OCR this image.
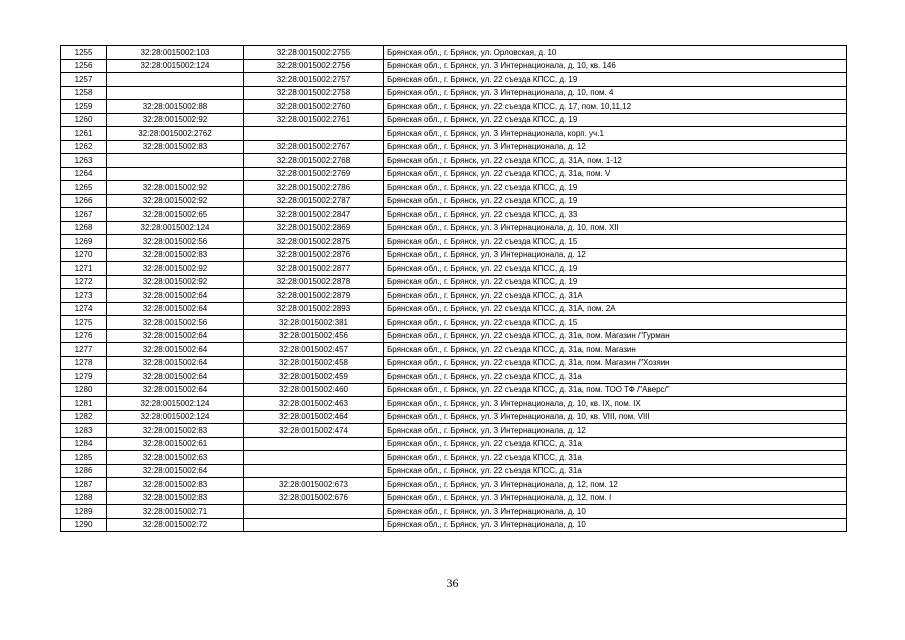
1255	32:28:0015002:103	32:28:0015002:2755	Брянская обл., г. Брянск, ул. Орловская, д. 10
1256	32:28:0015002:124	32:28:0015002:2756	Брянская обл., г. Брянск, ул. 3 Интернационала, д. 10, кв. 146
1257		32:28:0015002:2757	Брянская обл., г. Брянск, ул. 22 съезда КПСС, д. 19
1258		32:28:0015002:2758	Брянская обл., г. Брянск, ул. 3 Интернационала, д. 10, пом. 4
1259	32:28:0015002:88	32:28:0015002:2760	Брянская обл., г. Брянск, ул. 22 съезда КПСС, д. 17, пом. 10,11,12
1260	32:28:0015002:92	32:28:0015002:2761	Брянская обл., г. Брянск, ул. 22 съезда КПСС, д. 19
1261	32:28:0015002:2762		Брянская обл., г. Брянск, ул. 3 Интернационала, корп. уч.1
1262	32:28:0015002:83	32:28:0015002:2767	Брянская обл., г. Брянск, ул. 3 Интернационала, д. 12
1263		32:28:0015002:2768	Брянская обл., г. Брянск, ул. 22 съезда КПСС, д. 31А, пом. 1-12
1264		32:28:0015002:2769	Брянская обл., г. Брянск, ул. 22 съезда КПСС, д. 31а, пом. V
1265	32:28:0015002:92	32:28:0015002:2786	Брянская обл., г. Брянск, ул. 22 съезда КПСС, д. 19
1266	32:28:0015002:92	32:28:0015002:2787	Брянская обл., г. Брянск, ул. 22 съезда КПСС, д. 19
1267	32:28:0015002:65	32:28:0015002:2847	Брянская обл., г. Брянск, ул. 22 съезда КПСС, д. 33
1268	32:28:0015002:124	32:28:0015002:2869	Брянская обл., г. Брянск, ул. 3 Интернационала, д. 10, пом. XII
1269	32:28:0015002:56	32:28:0015002:2875	Брянская обл., г. Брянск, ул. 22 съезда КПСС, д. 15
1270	32:28:0015002:83	32:28:0015002:2876	Брянская обл., г. Брянск, ул. 3 Интернационала, д. 12
1271	32:28:0015002:92	32:28:0015002:2877	Брянская обл., г. Брянск, ул. 22 съезда КПСС, д. 19
1272	32:28:0015002:92	32:28:0015002:2878	Брянская обл., г. Брянск, ул. 22 съезда КПСС, д. 19
1273	32:28:0015002:64	32:28:0015002:2879	Брянская обл., г. Брянск, ул. 22 съезда КПСС, д. 31А
1274	32:28:0015002:64	32:28:0015002:2893	Брянская обл., г. Брянск, ул. 22 съезда КПСС, д. 31А, пом. 2А
1275	32:28:0015002:56	32:28:0015002:381	Брянская обл., г. Брянск, ул. 22 съезда КПСС, д. 15
1276	32:28:0015002:64	32:28:0015002:456	Брянская обл., г. Брянск, ул. 22 съезда КПСС, д. 31а, пом. Магазин /"Гурман
1277	32:28:0015002:64	32:28:0015002:457	Брянская обл., г. Брянск, ул. 22 съезда КПСС, д. 31а, пом. Магазин
1278	32:28:0015002:64	32:28:0015002:458	Брянская обл., г. Брянск, ул. 22 съезда КПСС, д. 31а, пом. Магазин /"Хозяин
1279	32:28:0015002:64	32:28:0015002:459	Брянская обл., г. Брянск, ул. 22 съезда КПСС, д. 31а
1280	32:28:0015002:64	32:28:0015002:460	Брянская обл., г. Брянск, ул. 22 съезда КПСС, д. 31а, пом. ТОО ТФ /"Аверс/"
1281	32:28:0015002:124	32:28:0015002:463	Брянская обл., г. Брянск, ул. 3 Интернационала, д. 10, кв. IX, пом. IX
1282	32:28:0015002:124	32:28:0015002:464	Брянская обл., г. Брянск, ул. 3 Интернационала, д. 10, кв. VIII, пом. VIII
1283	32:28:0015002:83	32:28:0015002:474	Брянская обл., г. Брянск, ул. 3 Интернационала, д. 12
1284	32:28:0015002:61		Брянская обл., г. Брянск, ул. 22 съезда КПСС, д. 31а
1285	32:28:0015002:63		Брянская обл., г. Брянск, ул. 22 съезда КПСС, д. 31а
1286	32:28:0015002:64		Брянская обл., г. Брянск, ул. 22 съезда КПСС, д. 31а
1287	32:28:0015002:83	32:28:0015002:673	Брянская обл., г. Брянск, ул. 3 Интернационала, д. 12, пом. 12
1288	32:28:0015002:83	32:28:0015002:676	Брянская обл., г. Брянск, ул. 3 Интернационала, д. 12, пом. I
1289	32:28:0015002:71		Брянская обл., г. Брянск, ул. 3 Интернационала, д. 10
1290	32:28:0015002:72		Брянская обл., г. Брянск, ул. 3 Интернационала, д. 10
36
